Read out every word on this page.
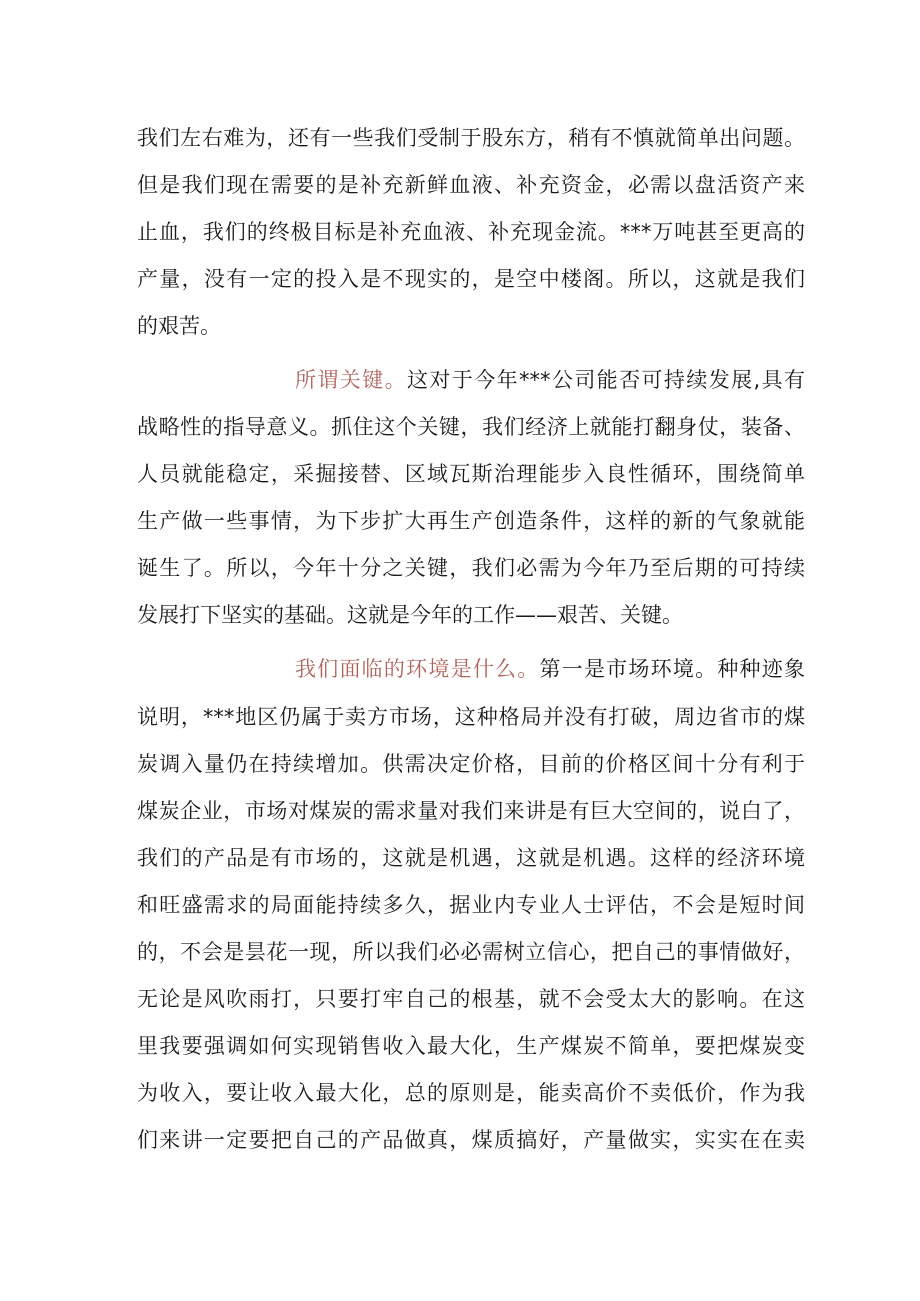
我们左右难为，还有一些我们受制于股东方，稍有不慎就简单出问题。
但是我们现在需要的是补充新鲜血液、补充资金，必需以盘活资产来
止血，我们的终极目标是补充血液、补充现金流。***万吨甚至更高的
产量，没有一定的投入是不现实的，是空中楼阁。所以，这就是我们
的艰苦。
所谓关键。这对于今年***公司能否可持续发展,具有
战略性的指导意义。抓住这个关键，我们经济上就能打翻身仗，装备、
人员就能稳定，采掘接替、区域瓦斯治理能步入良性循环，围绕简单
生产做一些事情，为下步扩大再生产创造条件，这样的新的气象就能
诞生了。所以，今年十分之关键，我们必需为今年乃至后期的可持续
发展打下坚实的基础。这就是今年的工作——艰苦、关键。
我们面临的环境是什么。第一是市场环境。种种迹象
说明，***地区仍属于卖方市场，这种格局并没有打破，周边省市的煤
炭调入量仍在持续增加。供需决定价格，目前的价格区间十分有利于
煤炭企业，市场对煤炭的需求量对我们来讲是有巨大空间的，说白了，
我们的产品是有市场的，这就是机遇，这就是机遇。这样的经济环境
和旺盛需求的局面能持续多久，据业内专业人士评估，不会是短时间
的，不会是昙花一现，所以我们必必需树立信心，把自己的事情做好，
无论是风吹雨打，只要打牢自己的根基，就不会受太大的影响。在这
里我要强调如何实现销售收入最大化，生产煤炭不简单，要把煤炭变
为收入，要让收入最大化，总的原则是，能卖高价不卖低价，作为我
们来讲一定要把自己的产品做真，煤质搞好，产量做实，实实在在卖
